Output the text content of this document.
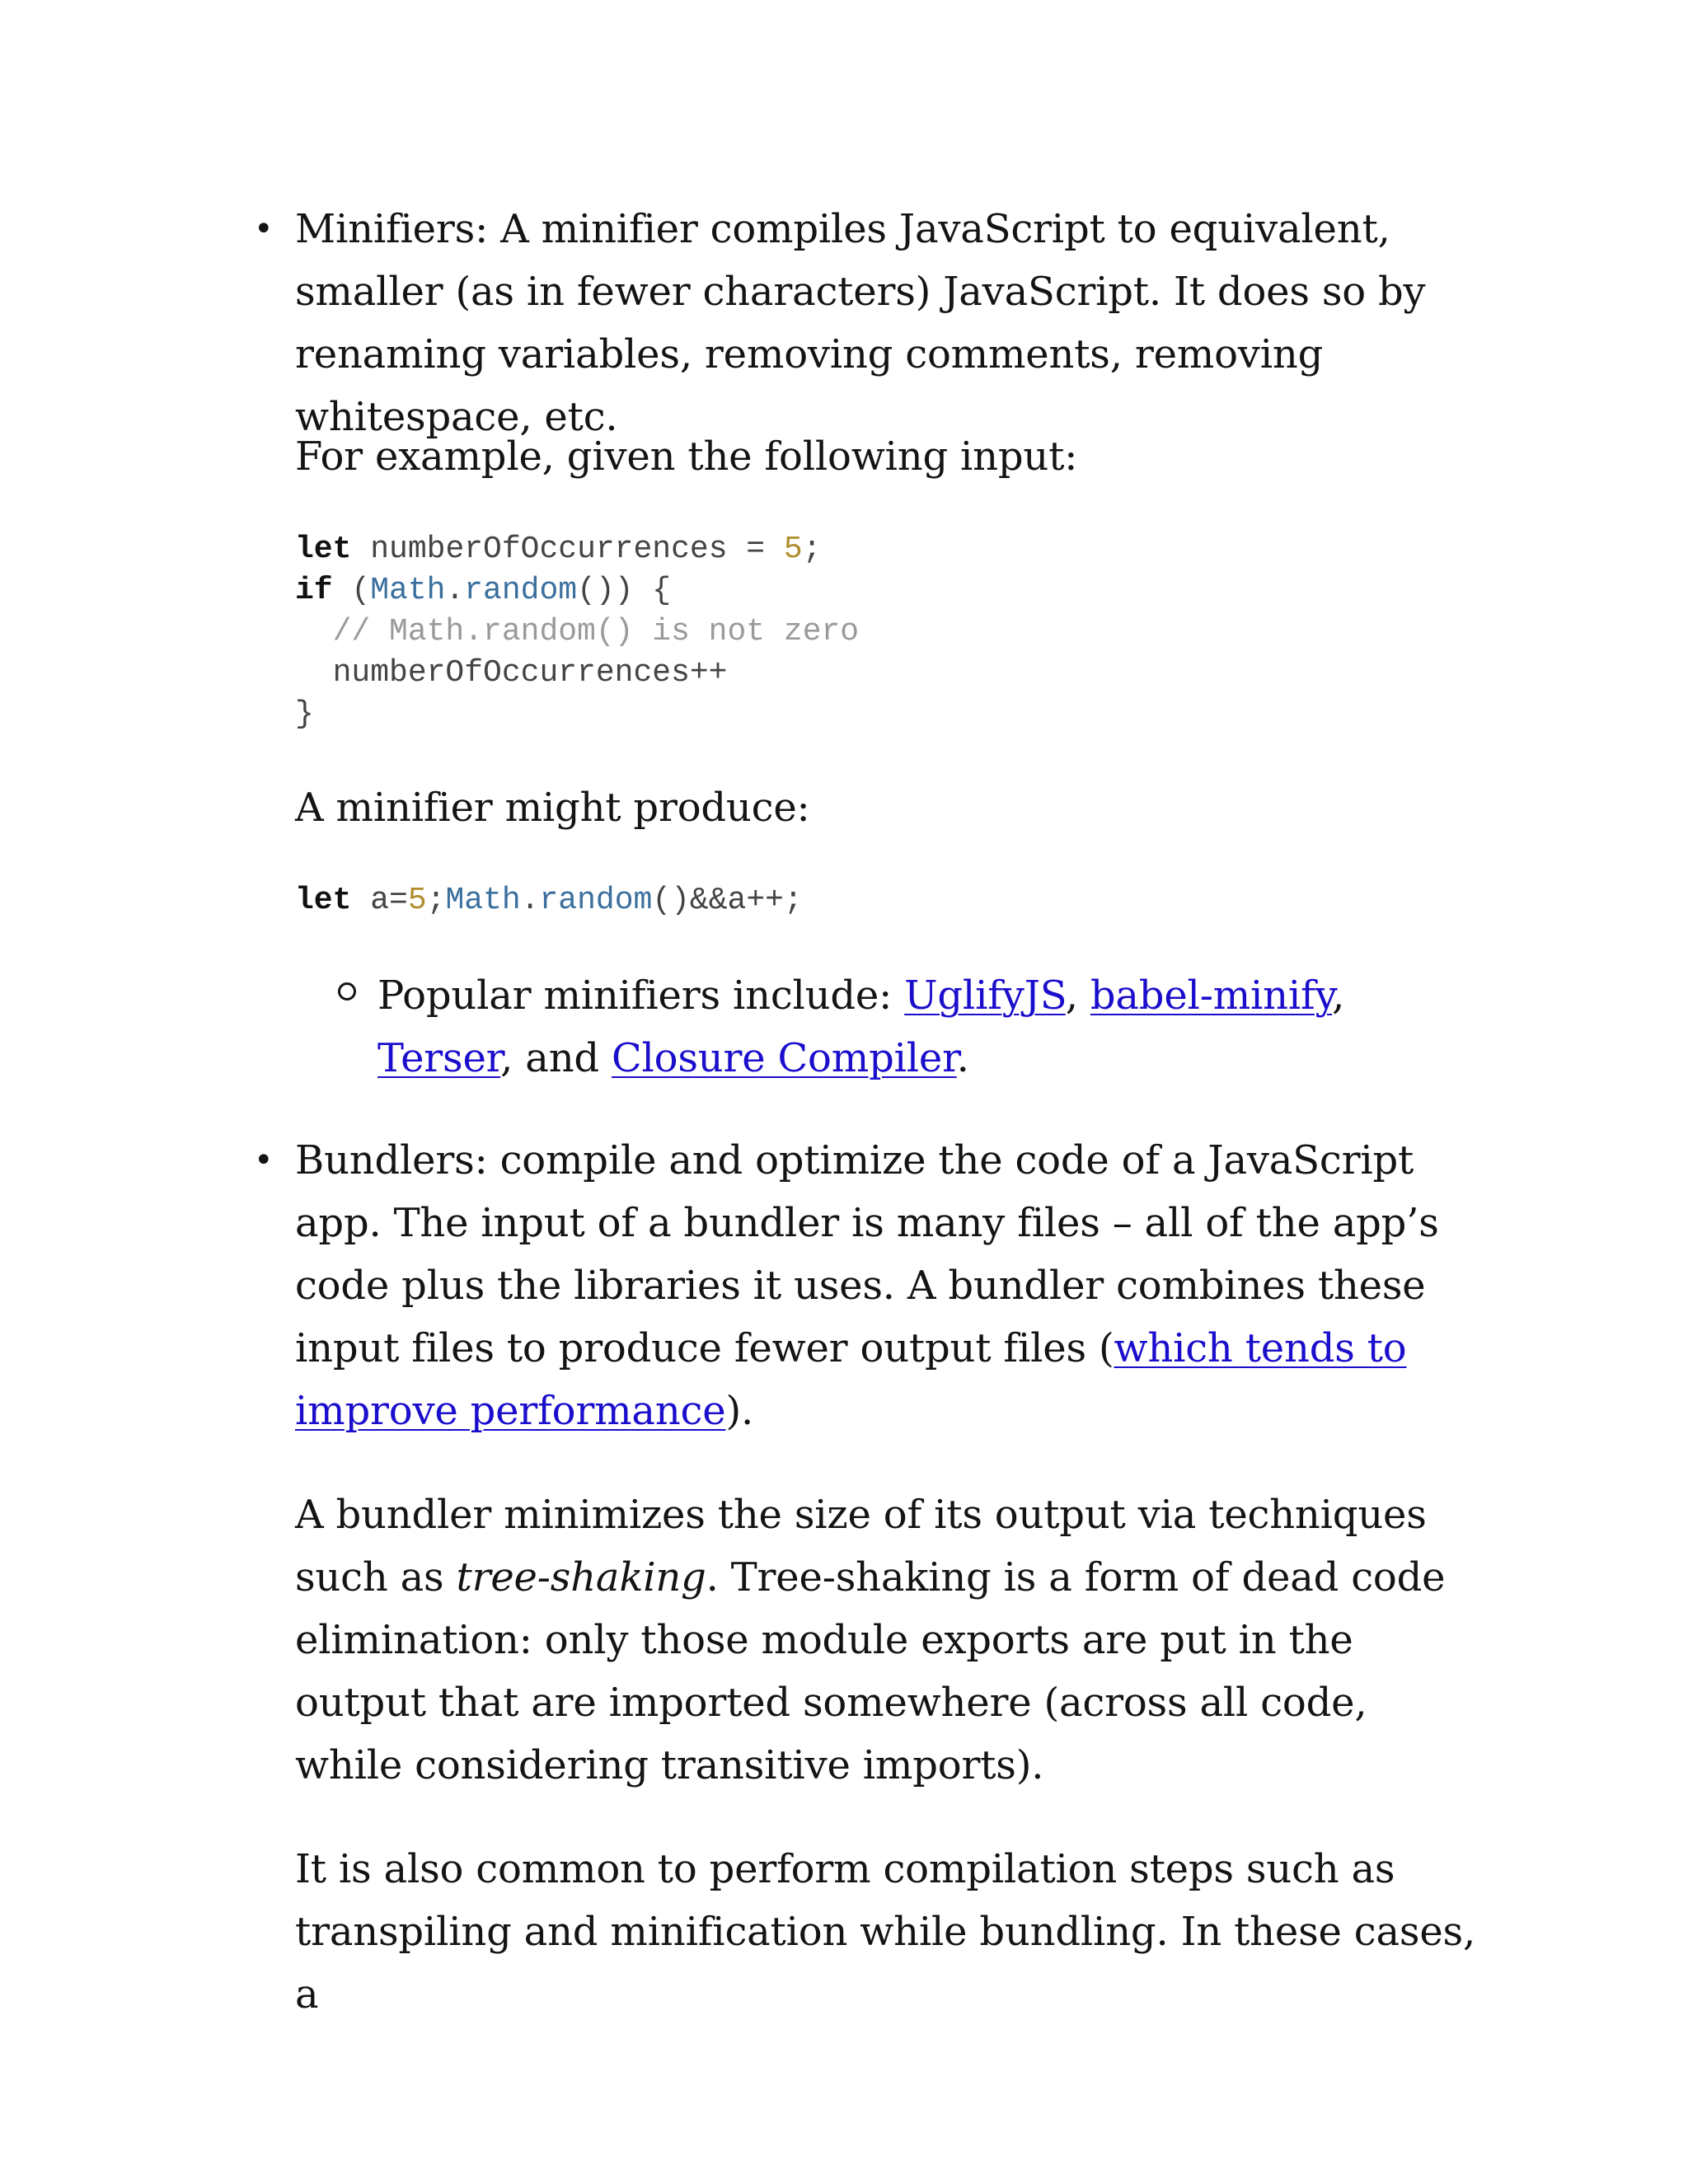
• Minifiers: A minifier compiles JavaScript to equivalent, smaller (as in fewer characters) JavaScript. It does so by renaming variables, removing comments, removing whitespace, etc.

For example, given the following input:

let numberOfOccurrences = 5;
if (Math.random()) {
// Math.random() is not zero
numberOfOccurrences++
}

A minifier might produce:

let a=5;Math.random()&&a++;

Popular minifiers include: UglifyJS, babel-minify, Terser, and Closure Compiler.

• Bundlers: compile and optimize the code of a JavaScript app. The input of a bundler is many files – all of the app’s code plus the libraries it uses. A bundler combines these input files to produce fewer output files (which tends to improve performance).

A bundler minimizes the size of its output via techniques such as tree-shaking. Tree-shaking is a form of dead code elimination: only those module exports are put in the output that are imported somewhere (across all code, while considering transitive imports).

It is also common to perform compilation steps such as transpiling and minification while bundling. In these cases, a
